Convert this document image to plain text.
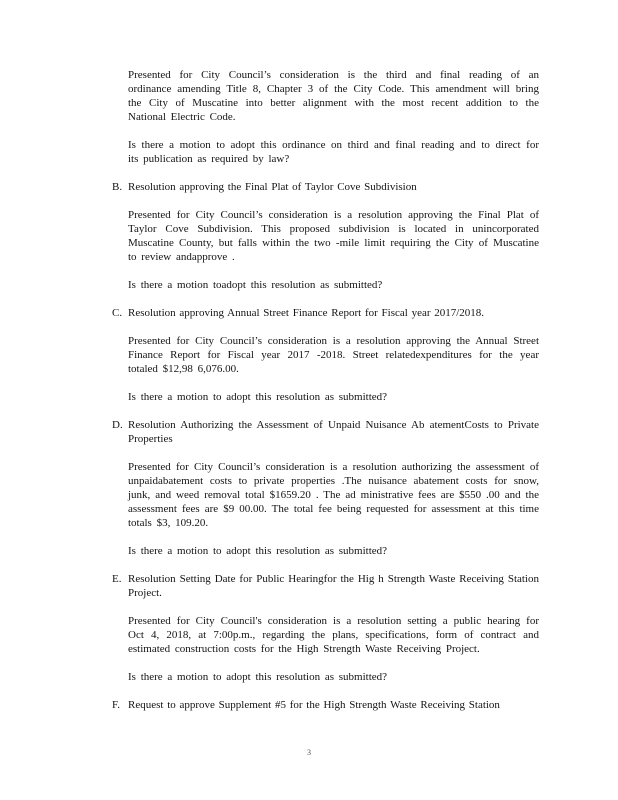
Presented for City Council’s consideration is the third and final reading of an ordinance amending Title 8, Chapter 3 of the City Code. This amendment will bring the City of Muscatine into better alignment with the most recent addition to the National Electric Code.

Is there a motion to adopt this ordinance on third and final reading and to direct for its publication as required by law?

B. Resolution approving the Final Plat of Taylor Cove Subdivision

Presented for City Council’s consideration is a resolution approving the Final Plat of Taylor Cove Subdivision. This proposed subdivision is located in unincorporated Muscatine County, but falls within the two -mile limit requiring the City of Muscatine to review andapprove .

Is there a motion toadopt this resolution as submitted?

C. Resolution approving Annual Street Finance Report for Fiscal year 2017/2018.

Presented for City Council’s consideration is a resolution approving the Annual Street Finance Report for Fiscal year 2017 -2018. Street relatedexpenditures for the year totaled $12,98 6,076.00.

Is there a motion to adopt this resolution as submitted?

D. Resolution Authorizing the Assessment of Unpaid Nuisance Ab atementCosts to Private Properties

Presented for City Council’s consideration is a resolution authorizing the assessment of unpaidabatement costs to private properties .The nuisance abatement costs for snow, junk, and weed removal total $1659.20 . The ad ministrative fees are $550 .00 and the assessment fees are $9 00.00. The total fee being requested for assessment at this time totals $3, 109.20.

Is there a motion to adopt this resolution as submitted?

E. Resolution Setting Date for Public Hearingfor the Hig h Strength Waste Receiving Station Project.

Presented for City Council's consideration is a resolution setting a public hearing for Oct 4, 2018, at 7:00p.m., regarding the plans, specifications, form of contract and estimated construction costs for the High Strength Waste Receiving Project.

Is there a motion to adopt this resolution as submitted?

F. Request to approve Supplement #5 for the High Strength Waste Receiving Station

3
